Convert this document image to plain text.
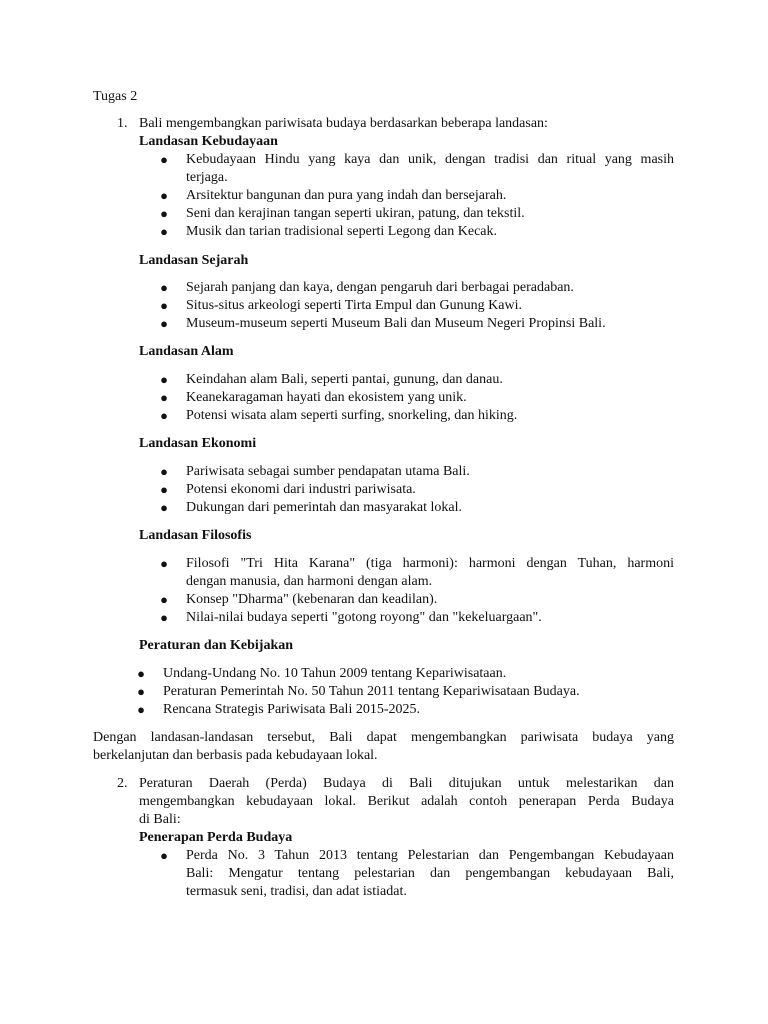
Tugas 2
1. Bali mengembangkan pariwisata budaya berdasarkan beberapa landasan:
Landasan Kebudayaan
● Kebudayaan Hindu yang kaya dan unik, dengan tradisi dan ritual yang masih
terjaga.
● Arsitektur bangunan dan pura yang indah dan bersejarah.
● Seni dan kerajinan tangan seperti ukiran, patung, dan tekstil.
● Musik dan tarian tradisional seperti Legong dan Kecak.
Landasan Sejarah
● Sejarah panjang dan kaya, dengan pengaruh dari berbagai peradaban.
● Situs-situs arkeologi seperti Tirta Empul dan Gunung Kawi.
● Museum-museum seperti Museum Bali dan Museum Negeri Propinsi Bali.
Landasan Alam
● Keindahan alam Bali, seperti pantai, gunung, dan danau.
● Keanekaragaman hayati dan ekosistem yang unik.
● Potensi wisata alam seperti surfing, snorkeling, dan hiking.
Landasan Ekonomi
● Pariwisata sebagai sumber pendapatan utama Bali.
● Potensi ekonomi dari industri pariwisata.
● Dukungan dari pemerintah dan masyarakat lokal.
Landasan Filosofis
● Filosofi "Tri Hita Karana" (tiga harmoni): harmoni dengan Tuhan, harmoni
dengan manusia, dan harmoni dengan alam.
● Konsep "Dharma" (kebenaran dan keadilan).
● Nilai-nilai budaya seperti "gotong royong" dan "kekeluargaan".
Peraturan dan Kebijakan
● Undang-Undang No. 10 Tahun 2009 tentang Kepariwisataan.
● Peraturan Pemerintah No. 50 Tahun 2011 tentang Kepariwisataan Budaya.
● Rencana Strategis Pariwisata Bali 2015-2025.
Dengan landasan-landasan tersebut, Bali dapat mengembangkan pariwisata budaya yang
berkelanjutan dan berbasis pada kebudayaan lokal.
2. Peraturan Daerah (Perda) Budaya di Bali ditujukan untuk melestarikan dan
mengembangkan kebudayaan lokal. Berikut adalah contoh penerapan Perda Budaya
di Bali:
Penerapan Perda Budaya
● Perda No. 3 Tahun 2013 tentang Pelestarian dan Pengembangan Kebudayaan
Bali: Mengatur tentang pelestarian dan pengembangan kebudayaan Bali,
termasuk seni, tradisi, dan adat istiadat.
